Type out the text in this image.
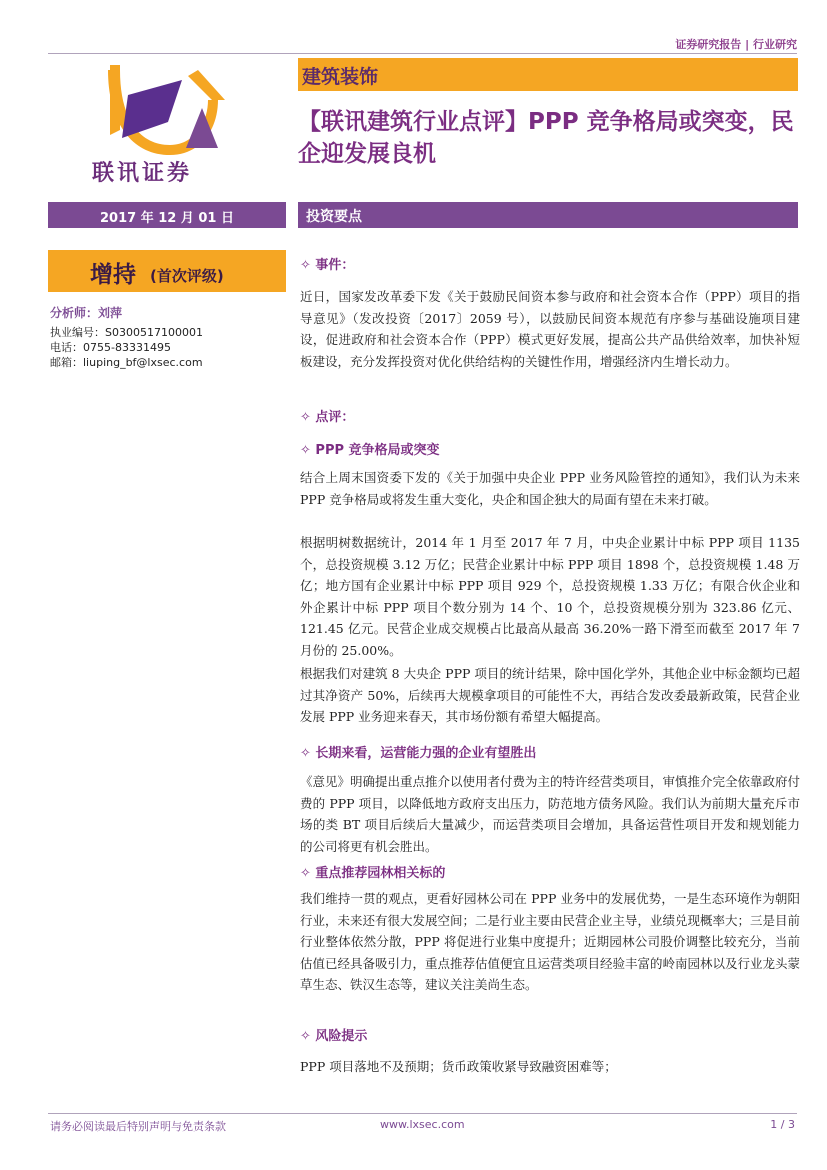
证券研究报告 | 行业研究
联讯证券
建筑装饰
【联讯建筑行业点评】PPP 竞争格局或突变，民企迎发展良机
2017 年 12 月 01 日	投资要点
增持 (首次评级)
分析师：刘萍
执业编号：S0300517100001
电话：0755-83331495
邮箱：liuping_bf@lxsec.com
✧ 事件：
近日，国家发改革委下发《关于鼓励民间资本参与政府和社会资本合作（PPP）项目的指导意见》（发改投资〔2017〕2059 号），以鼓励民间资本规范有序参与基础设施项目建设，促进政府和社会资本合作（PPP）模式更好发展，提高公共产品供给效率，加快补短板建设，充分发挥投资对优化供给结构的关键性作用，增强经济内生增长动力。
✧ 点评：
✧ PPP 竞争格局或突变
结合上周末国资委下发的《关于加强中央企业 PPP 业务风险管控的通知》，我们认为未来 PPP 竞争格局或将发生重大变化，央企和国企独大的局面有望在未来打破。
根据明树数据统计，2014 年 1 月至 2017 年 7 月，中央企业累计中标 PPP 项目 1135 个，总投资规模 3.12 万亿；民营企业累计中标 PPP 项目 1898 个，总投资规模 1.48 万亿；地方国有企业累计中标 PPP 项目 929 个，总投资规模 1.33 万亿；有限合伙企业和外企累计中标 PPP 项目个数分别为 14 个、10 个，总投资规模分别为 323.86 亿元、121.45 亿元。民营企业成交规模占比最高从最高 36.20%一路下滑至而截至 2017 年 7 月份的 25.00%。
根据我们对建筑 8 大央企 PPP 项目的统计结果，除中国化学外，其他企业中标金额均已超过其净资产 50%，后续再大规模拿项目的可能性不大，再结合发改委最新政策，民营企业发展 PPP 业务迎来春天，其市场份额有希望大幅提高。
✧ 长期来看，运营能力强的企业有望胜出
《意见》明确提出重点推介以使用者付费为主的特许经营类项目，审慎推介完全依靠政府付费的 PPP 项目，以降低地方政府支出压力，防范地方债务风险。我们认为前期大量充斥市场的类 BT 项目后续后大量减少，而运营类项目会增加，具备运营性项目开发和规划能力的公司将更有机会胜出。
✧ 重点推荐园林相关标的
我们维持一贯的观点，更看好园林公司在 PPP 业务中的发展优势，一是生态环境作为朝阳行业，未来还有很大发展空间；二是行业主要由民营企业主导，业绩兑现概率大；三是目前行业整体依然分散，PPP 将促进行业集中度提升；近期园林公司股价调整比较充分，当前估值已经具备吸引力，重点推荐估值便宜且运营类项目经验丰富的岭南园林以及行业龙头蒙草生态、铁汉生态等，建议关注美尚生态。
✧ 风险提示
PPP 项目落地不及预期；货币政策收紧导致融资困难等；
请务必阅读最后特别声明与免责条款	www.lxsec.com	1 / 3
